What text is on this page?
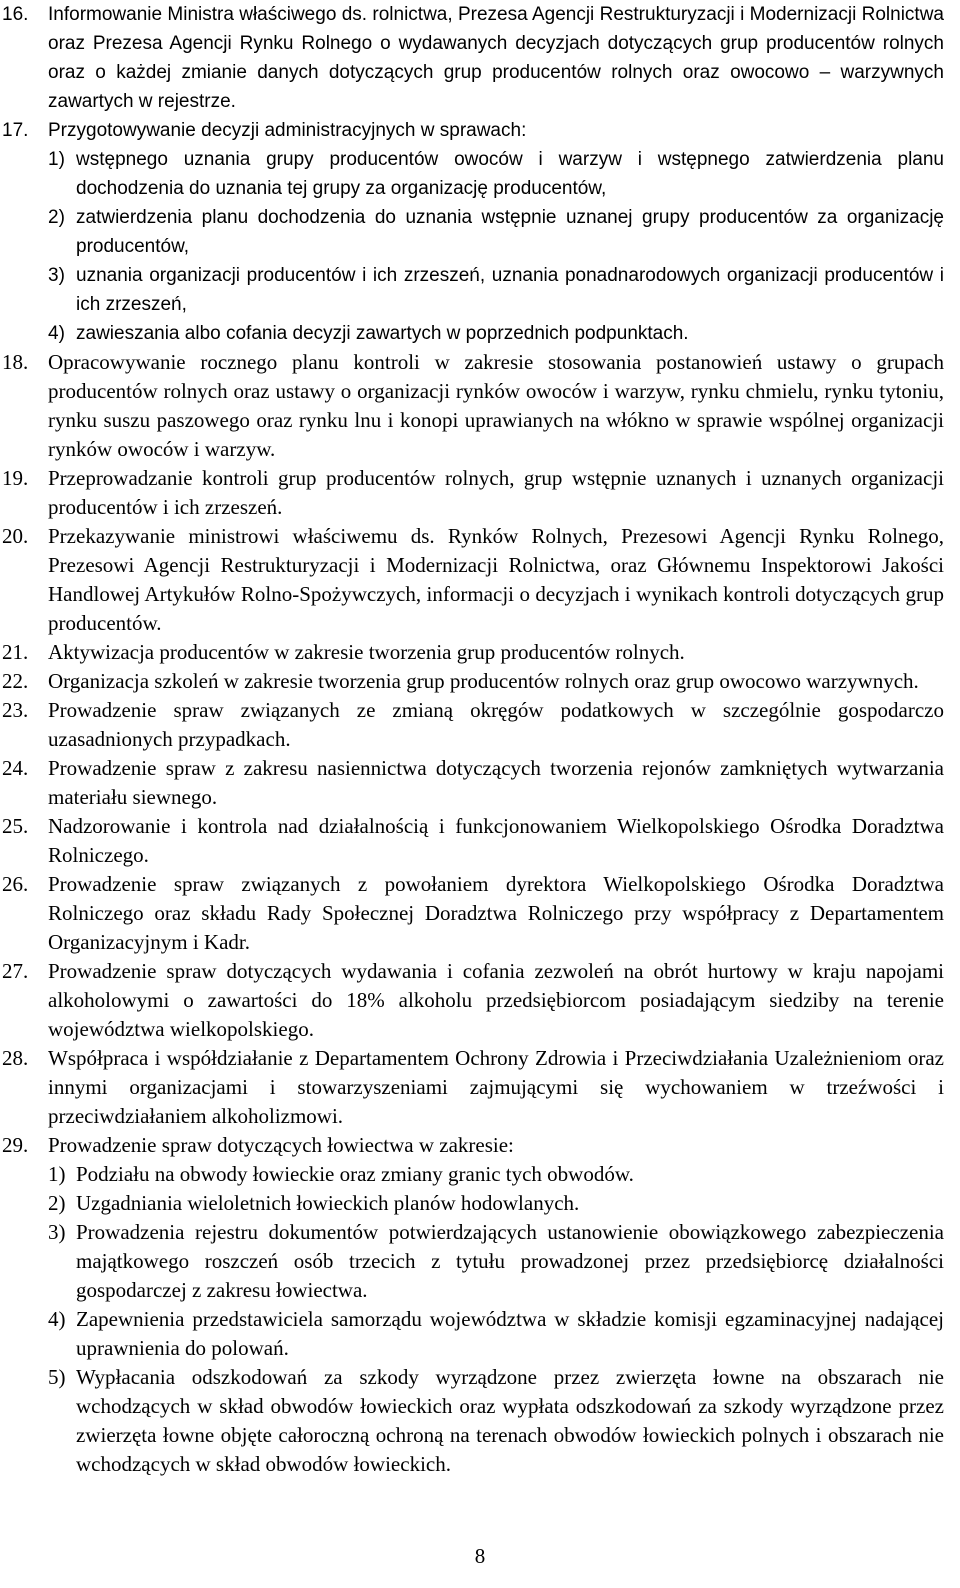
16. Informowanie Ministra właściwego ds. rolnictwa, Prezesa Agencji Restrukturyzacji i Modernizacji Rolnictwa oraz Prezesa Agencji Rynku Rolnego o wydawanych decyzjach dotyczących grup producentów rolnych oraz o każdej zmianie danych dotyczących grup producentów rolnych oraz owocowo – warzywnych zawartych w rejestrze.
17. Przygotowywanie decyzji administracyjnych w sprawach:
1) wstępnego uznania grupy producentów owoców i warzyw i wstępnego zatwierdzenia planu dochodzenia do uznania tej grupy za organizację producentów,
2) zatwierdzenia planu dochodzenia do uznania wstępnie uznanej grupy producentów za organizację producentów,
3) uznania organizacji producentów i ich zrzeszeń, uznania ponadnarodowych organizacji producentów i ich zrzeszeń,
4) zawieszania albo cofania decyzji zawartych w poprzednich podpunktach.
18. Opracowywanie rocznego planu kontroli w zakresie stosowania postanowień ustawy o grupach producentów rolnych oraz ustawy o organizacji rynków owoców i warzyw, rynku chmielu, rynku tytoniu, rynku suszu paszowego oraz rynku lnu i konopi uprawianych na włókno w sprawie wspólnej organizacji rynków owoców i warzyw.
19. Przeprowadzanie kontroli grup producentów rolnych, grup wstępnie uznanych i uznanych organizacji producentów i ich zrzeszeń.
20. Przekazywanie ministrowi właściwemu ds. Rynków Rolnych, Prezesowi Agencji Rynku Rolnego, Prezesowi Agencji Restrukturyzacji i Modernizacji Rolnictwa, oraz Głównemu Inspektorowi Jakości Handlowej Artykułów Rolno-Spożywczych, informacji o decyzjach i wynikach kontroli dotyczących grup producentów.
21. Aktywizacja producentów w zakresie tworzenia grup producentów rolnych.
22. Organizacja szkoleń w zakresie tworzenia grup producentów rolnych oraz grup owocowo warzywnych.
23. Prowadzenie spraw związanych ze zmianą okręgów podatkowych w szczególnie gospodarczo uzasadnionych przypadkach.
24. Prowadzenie spraw z zakresu nasiennictwa dotyczących tworzenia rejonów zamkniętych wytwarzania materiału siewnego.
25. Nadzorowanie i kontrola nad działalnością i funkcjonowaniem Wielkopolskiego Ośrodka Doradztwa Rolniczego.
26. Prowadzenie spraw związanych z powołaniem dyrektora Wielkopolskiego Ośrodka Doradztwa Rolniczego oraz składu Rady Społecznej Doradztwa Rolniczego przy współpracy z Departamentem Organizacyjnym i Kadr.
27. Prowadzenie spraw dotyczących wydawania i cofania zezwoleń na obrót hurtowy w kraju napojami alkoholowymi o zawartości do 18% alkoholu przedsiębiorcom posiadającym siedziby na terenie województwa wielkopolskiego.
28. Współpraca i współdziałanie z Departamentem Ochrony Zdrowia i Przeciwdziałania Uzależnieniom oraz innymi organizacjami i stowarzyszeniami zajmującymi się wychowaniem w trzeźwości i przeciwdziałaniem alkoholizmowi.
29. Prowadzenie spraw dotyczących łowiectwa w zakresie:
1) Podziału na obwody łowieckie oraz zmiany granic tych obwodów.
2) Uzgadniania wieloletnich łowieckich planów hodowlanych.
3) Prowadzenia rejestru dokumentów potwierdzających ustanowienie obowiązkowego zabezpieczenia majątkowego roszczeń osób trzecich z tytułu prowadzonej przez przedsiębiorcę działalności gospodarczej z zakresu łowiectwa.
4) Zapewnienia przedstawiciela samorządu województwa w składzie komisji egzaminacyjnej nadającej uprawnienia do polowań.
5) Wypłacania odszkodowań za szkody wyrządzone przez zwierzęta łowne na obszarach nie wchodzących w skład obwodów łowieckich oraz wypłata odszkodowań za szkody wyrządzone przez zwierzęta łowne objęte całoroczną ochroną na terenach obwodów łowieckich polnych i obszarach nie wchodzących w skład obwodów łowieckich.
8
